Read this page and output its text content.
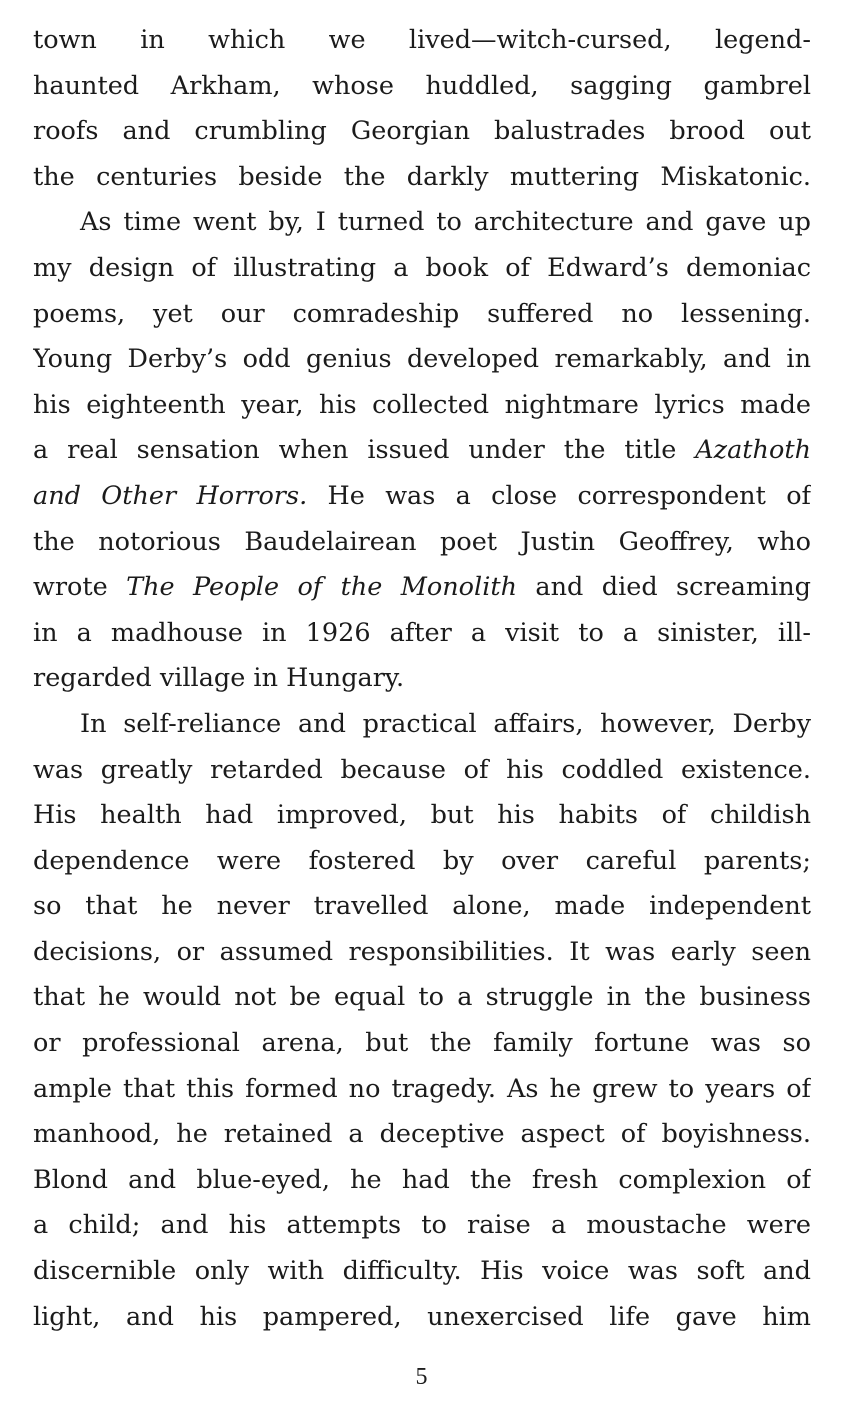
town in which we lived—witch-cursed, legend-
haunted Arkham, whose huddled, sagging gambrel
roofs and crumbling Georgian balustrades brood out
the centuries beside the darkly muttering Miskatonic.
As time went by, I turned to architecture and gave up
my design of illustrating a book of Edward’s demoniac
poems, yet our comradeship suffered no lessening.
Young Derby’s odd genius developed remarkably, and in
his eighteenth year, his collected nightmare lyrics made
a real sensation when issued under the title Azathoth
and Other Horrors. He was a close correspondent of
the notorious Baudelairean poet Justin Geoffrey, who
wrote The People of the Monolith and died screaming
in a madhouse in 1926 after a visit to a sinister, ill-
regarded village in Hungary.
In self-reliance and practical affairs, however, Derby
was greatly retarded because of his coddled existence.
His health had improved, but his habits of childish
dependence were fostered by over careful parents;
so that he never travelled alone, made independent
decisions, or assumed responsibilities. It was early seen
that he would not be equal to a struggle in the business
or professional arena, but the family fortune was so
ample that this formed no tragedy. As he grew to years of
manhood, he retained a deceptive aspect of boyishness.
Blond and blue-eyed, he had the fresh complexion of
a child; and his attempts to raise a moustache were
discernible only with difficulty. His voice was soft and
light, and his pampered, unexercised life gave him
5
